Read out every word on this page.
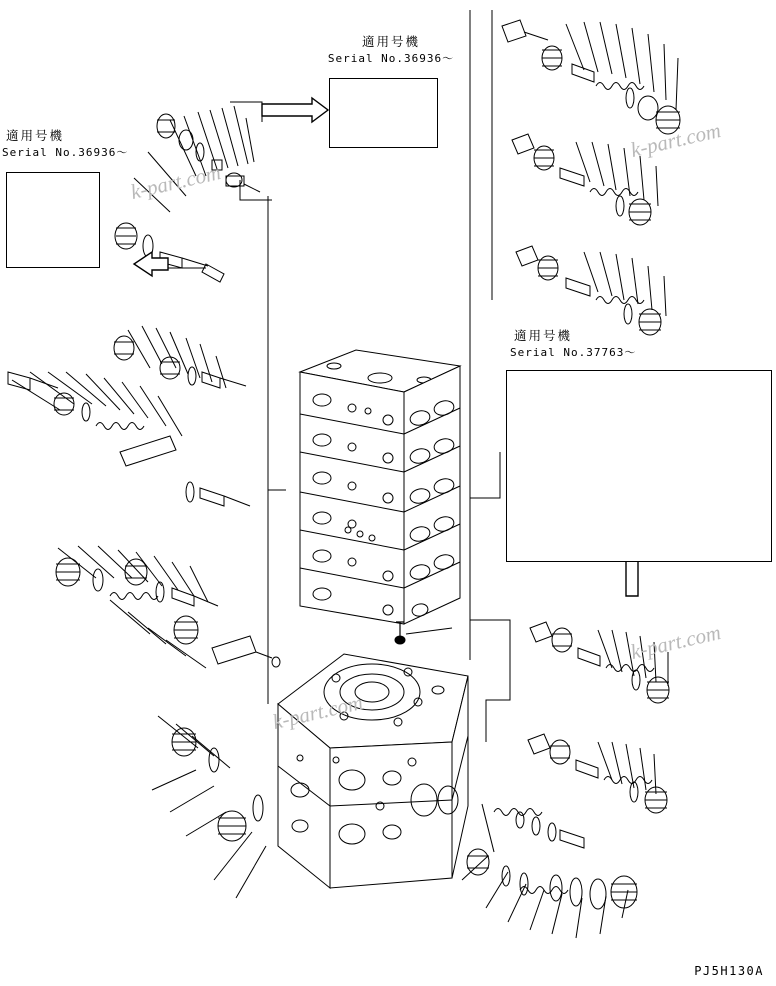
適用号機
Serial No.36936〜
適用号機
Serial No.36936〜
適用号機
Serial No.37763〜
k-part.com
k-part.com
k-part.com
k-part.com
PJ5H130A
